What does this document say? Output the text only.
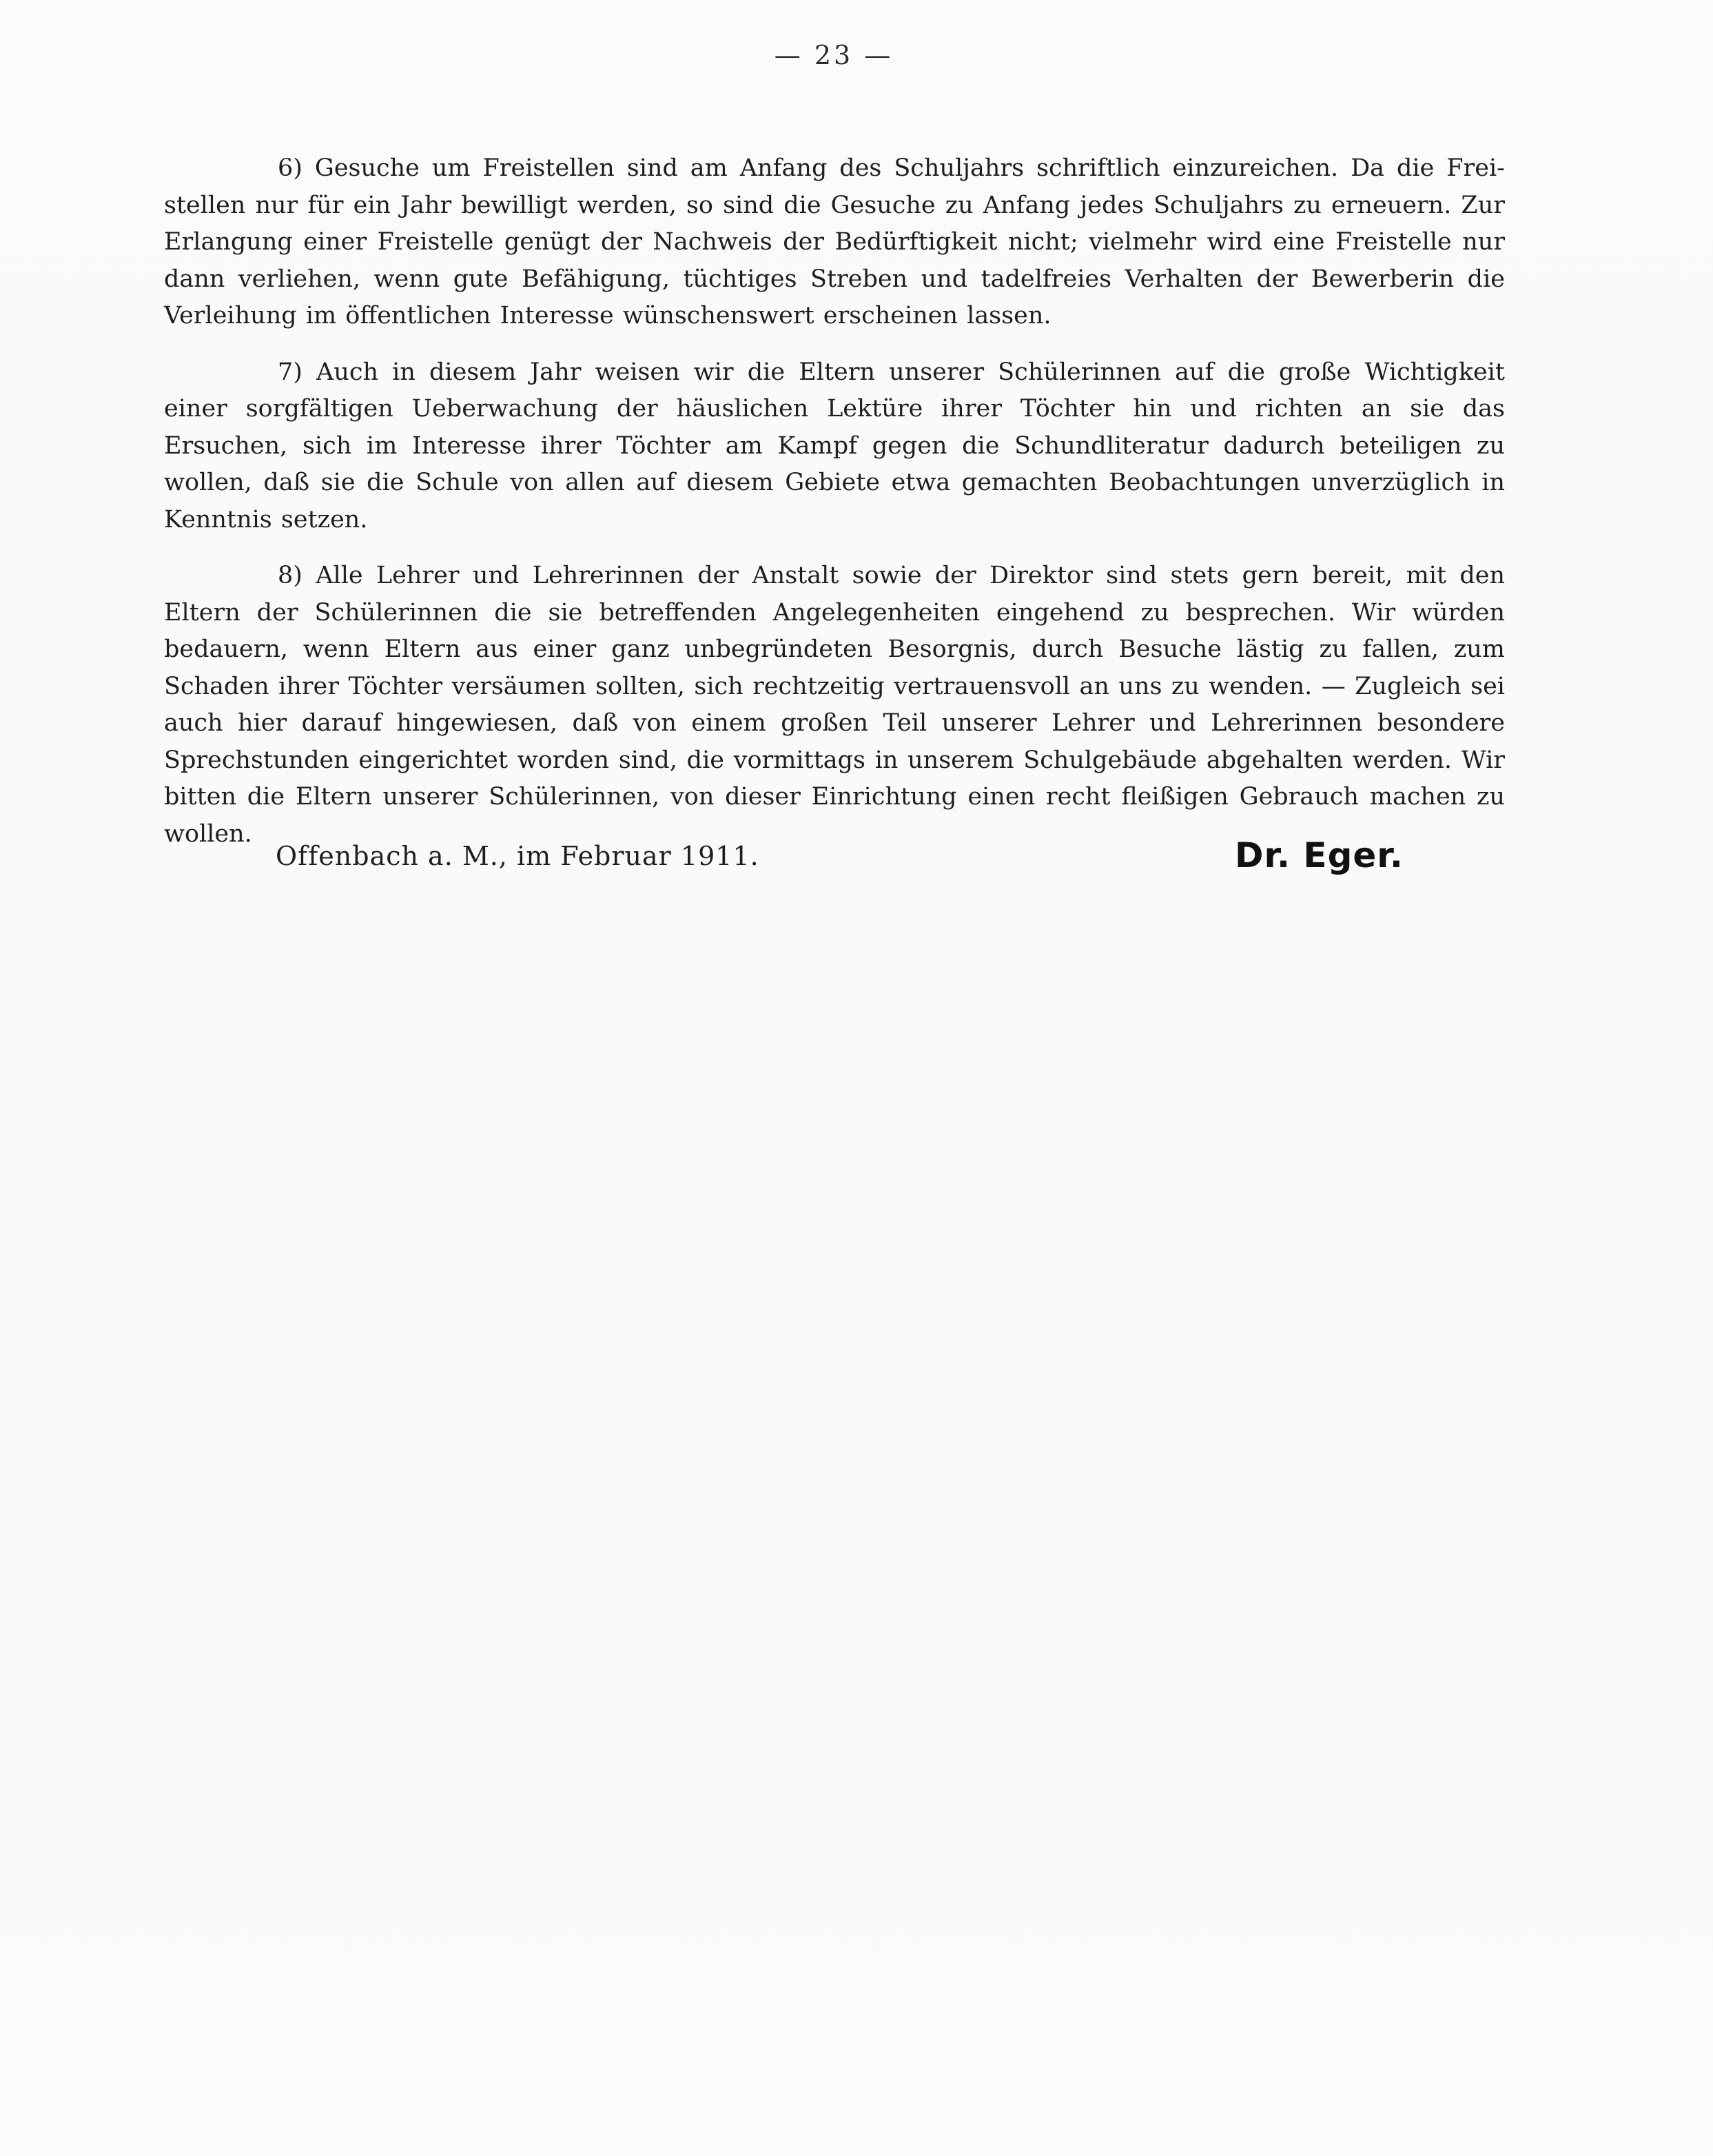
— 23 —

6) Gesuche um Freistellen sind am Anfang des Schuljahrs schriftlich einzureichen. Da die Freistellen nur für ein Jahr bewilligt werden, so sind die Gesuche zu Anfang jedes Schuljahrs zu erneuern. Zur Erlangung einer Freistelle genügt der Nachweis der Bedürftigkeit nicht; vielmehr wird eine Freistelle nur dann verliehen, wenn gute Befähigung, tüchtiges Streben und tadelfreies Verhalten der Bewerberin die Verleihung im öffentlichen Interesse wünschenswert erscheinen lassen.

7) Auch in diesem Jahr weisen wir die Eltern unserer Schülerinnen auf die große Wichtigkeit einer sorgfältigen Ueberwachung der häuslichen Lektüre ihrer Töchter hin und richten an sie das Ersuchen, sich im Interesse ihrer Töchter am Kampf gegen die Schundliteratur dadurch beteiligen zu wollen, daß sie die Schule von allen auf diesem Gebiete etwa gemachten Beobachtungen unverzüglich in Kenntnis setzen.

8) Alle Lehrer und Lehrerinnen der Anstalt sowie der Direktor sind stets gern bereit, mit den Eltern der Schülerinnen die sie betreffenden Angelegenheiten eingehend zu besprechen. Wir würden bedauern, wenn Eltern aus einer ganz unbegründeten Besorgnis, durch Besuche lästig zu fallen, zum Schaden ihrer Töchter versäumen sollten, sich rechtzeitig vertrauensvoll an uns zu wenden. — Zugleich sei auch hier darauf hingewiesen, daß von einem großen Teil unserer Lehrer und Lehrerinnen besondere Sprechstunden eingerichtet worden sind, die vormittags in unserem Schulgebäude abgehalten werden. Wir bitten die Eltern unserer Schülerinnen, von dieser Einrichtung einen recht fleißigen Gebrauch machen zu wollen.

Offenbach a. M., im Februar 1911.	Dr. Eger.
